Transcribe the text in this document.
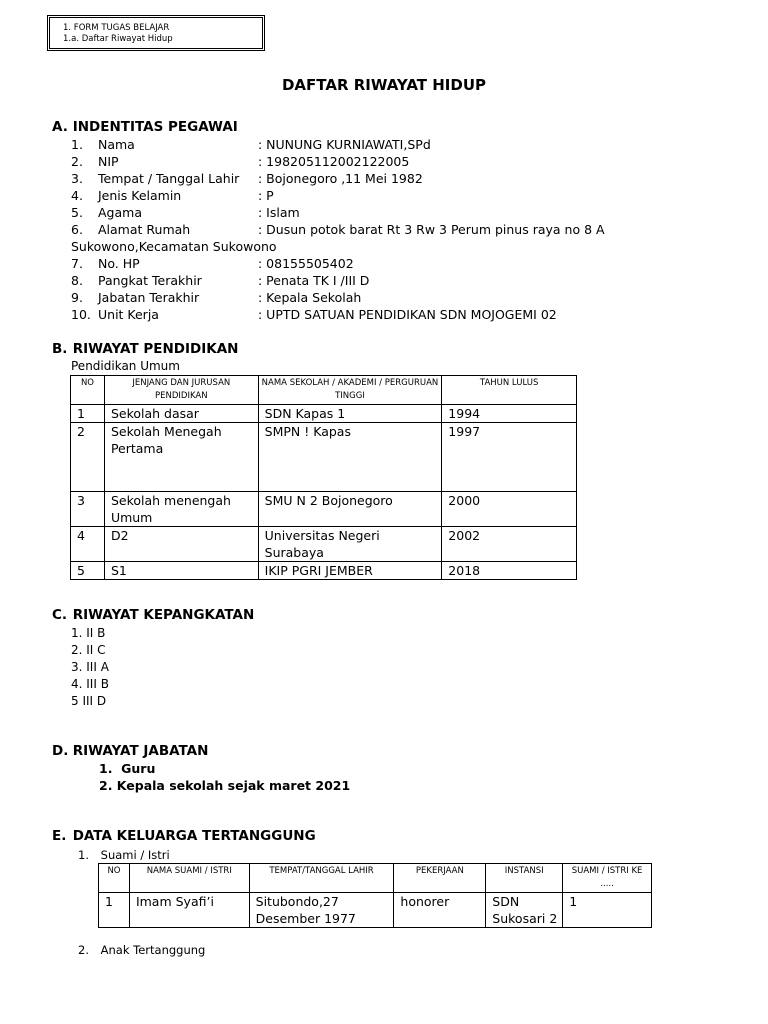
1. FORM TUGAS BELAJAR
1.a. Daftar Riwayat Hidup
DAFTAR RIWAYAT HIDUP
A. INDENTITAS PEGAWAI
1. Nama	: NUNUNG KURNIAWATI,SPd
2. NIP	: 198205112002122005
3. Tempat / Tanggal Lahir : Bojonegoro ,11 Mei 1982
4. Jenis Kelamin	: P
5. Agama	: Islam
6. Alamat Rumah	: Dusun potok barat Rt 3 Rw 3 Perum pinus raya no 8 A
Sukowono,Kecamatan Sukowono
7. No. HP	: 08155505402
8. Pangkat Terakhir	: Penata TK I /III D
9. Jabatan Terakhir	: Kepala Sekolah
10. Unit Kerja	: UPTD SATUAN PENDIDIKAN SDN MOJOGEMI 02
B. RIWAYAT PENDIDIKAN
Pendidikan Umum
NO	JENJANG DAN JURUSAN PENDIDIKAN	NAMA SEKOLAH / AKADEMI / PERGURUAN TINGGI	TAHUN LULUS
1	Sekolah dasar	SDN Kapas 1	1994
2	Sekolah Menegah Pertama	SMPN ! Kapas	1997
3	Sekolah menengah Umum	SMU N 2 Bojonegoro	2000
4	D2	Universitas Negeri Surabaya	2002
5	S1	IKIP PGRI JEMBER	2018
C. RIWAYAT KEPANGKATAN
1. II B
2. II C
3. III A
4. III B
5 III D
D. RIWAYAT JABATAN
1.  Guru
2. Kepala sekolah sejak maret 2021
E. DATA KELUARGA TERTANGGUNG
1. Suami / Istri
NO	NAMA SUAMI / ISTRI	TEMPAT/TANGGAL LAHIR	PEKERJAAN	INSTANSI	SUAMI / ISTRI KE .....
1	Imam Syafi’i	Situbondo,27 Desember 1977	honorer	SDN Sukosari 2	1
2. Anak Tertanggung
